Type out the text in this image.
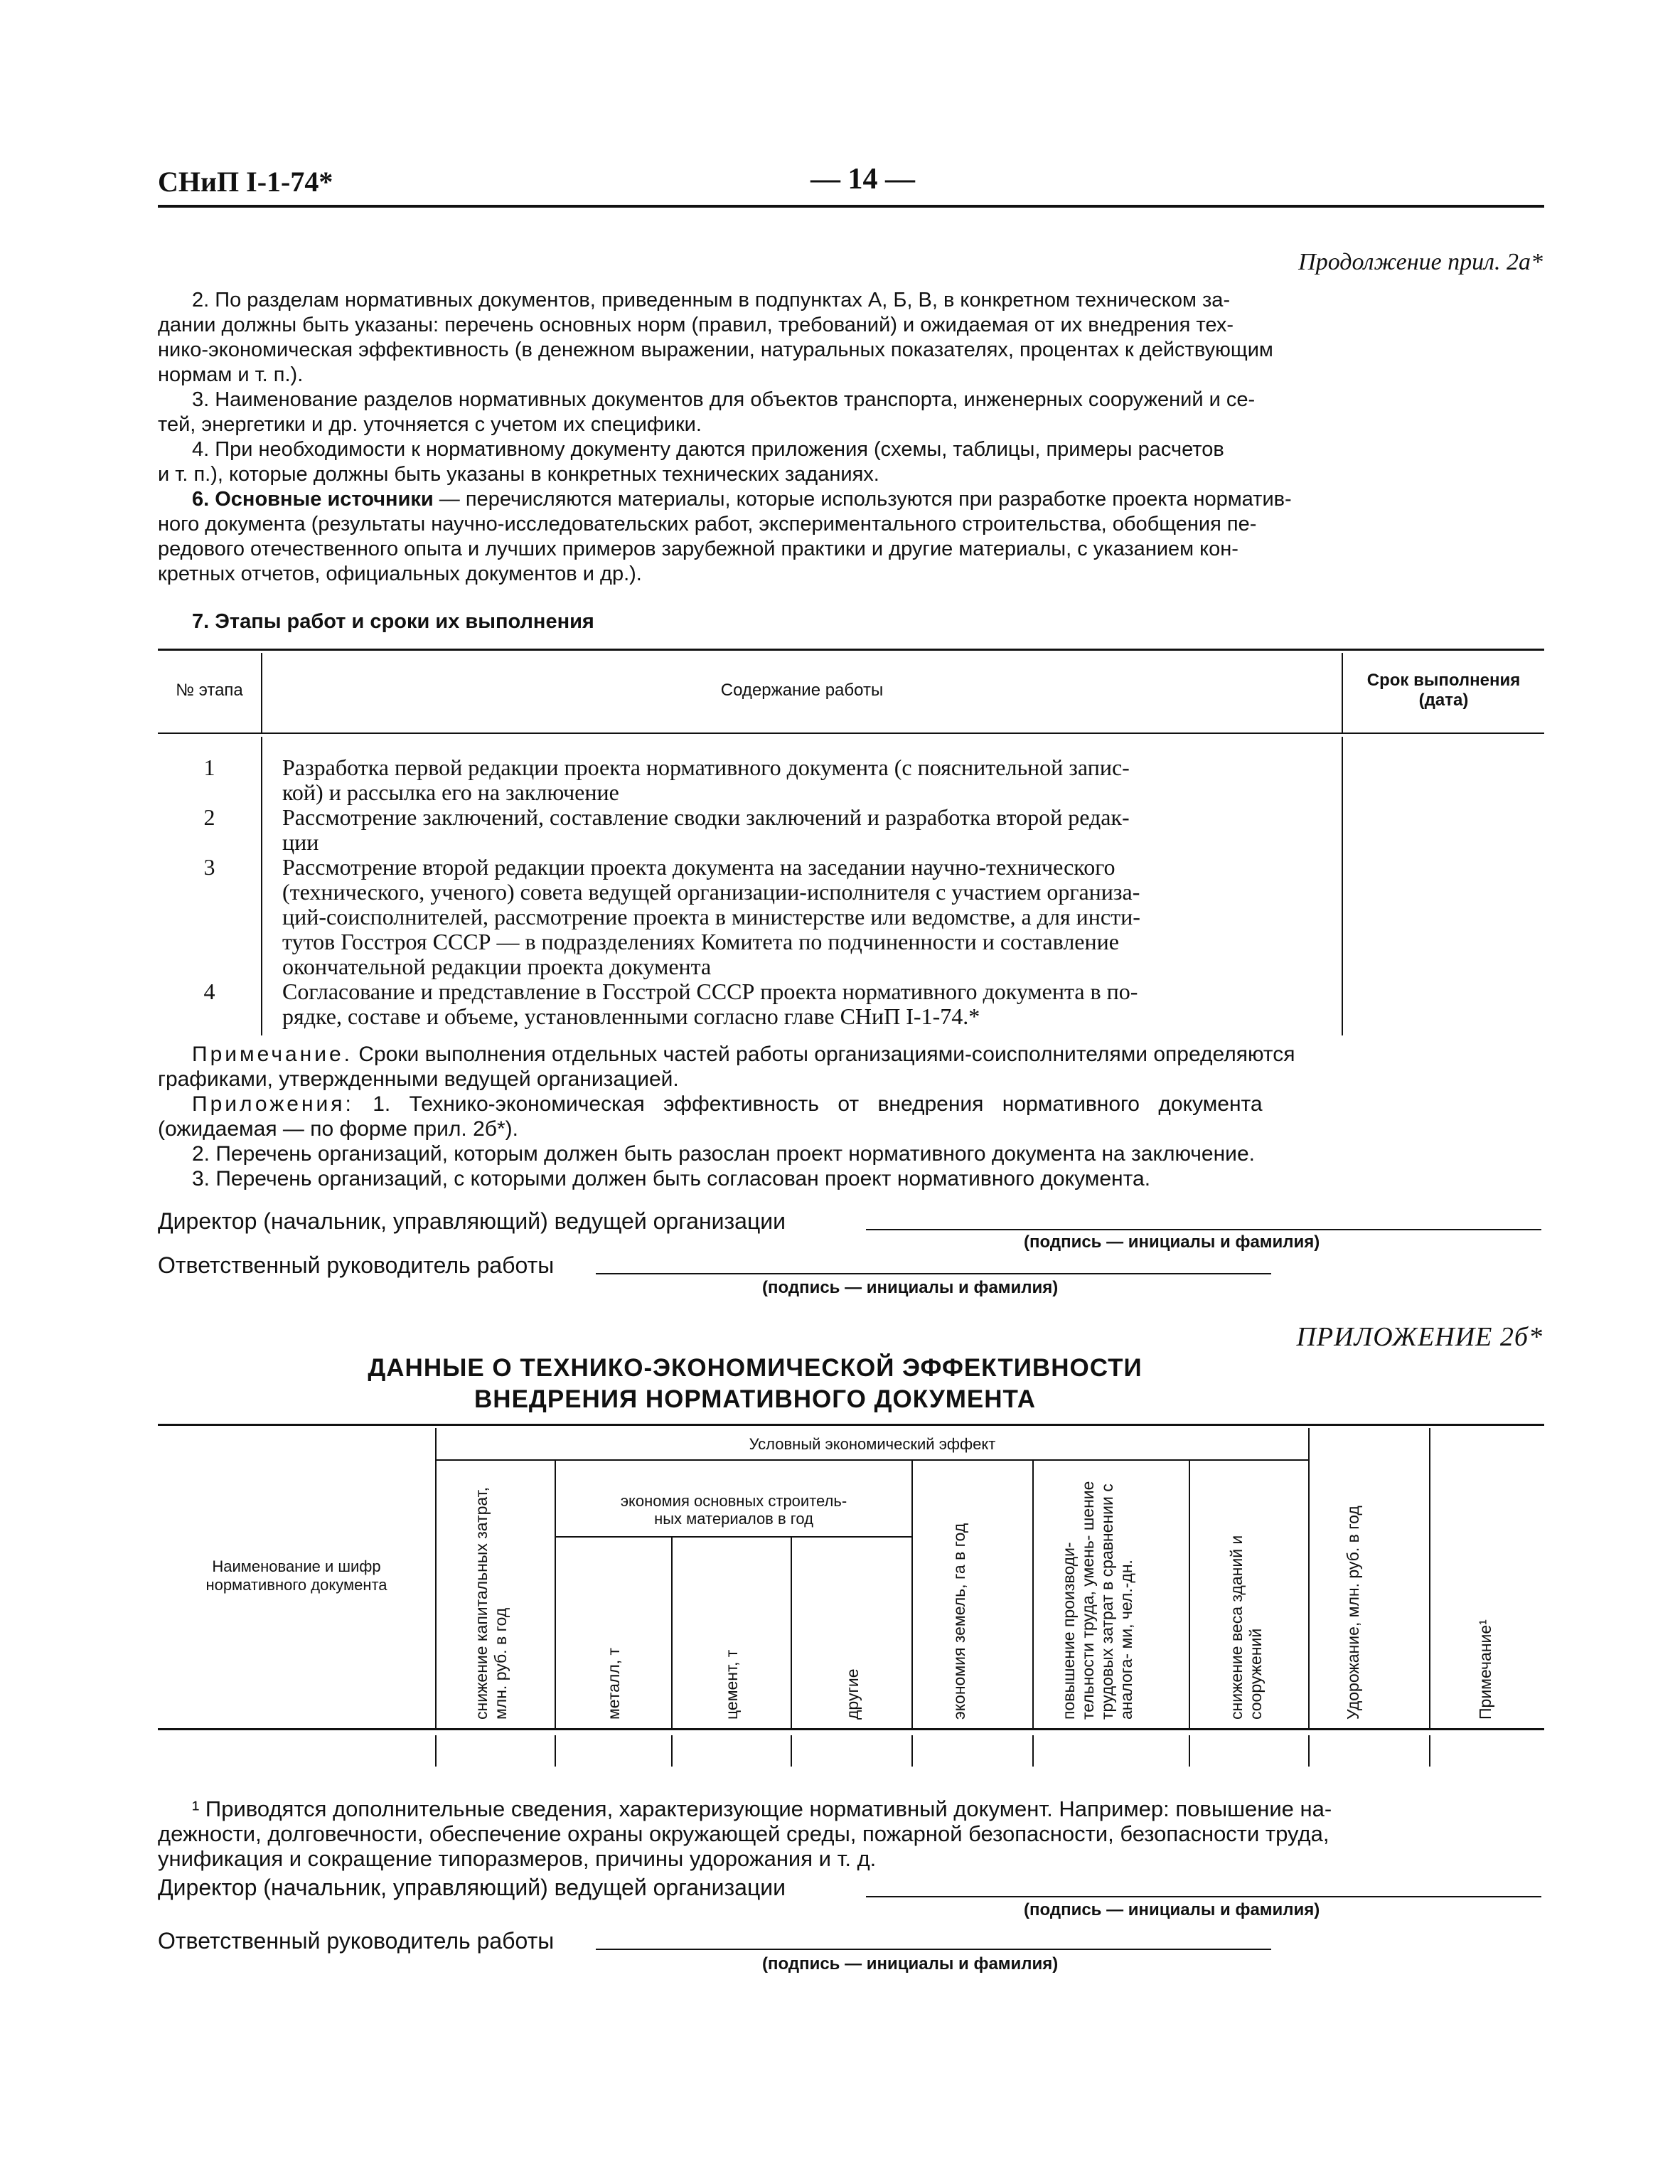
СНиП I-1-74*	— 14 —
Продолжение прил. 2а*
2. По разделам нормативных документов, приведенным в подпунктах А, Б, В, в конкретном техническом за-
дании должны быть указаны: перечень основных норм (правил, требований) и ожидаемая от их внедрения тех-
нико-экономическая эффективность (в денежном выражении, натуральных показателях, процентах к действующим
нормам и т. п.).
3. Наименование разделов нормативных документов для объектов транспорта, инженерных сооружений и се-
тей, энергетики и др. уточняется с учетом их специфики.
4. При необходимости к нормативному документу даются приложения (схемы, таблицы, примеры расчетов
и т. п.), которые должны быть указаны в конкретных технических заданиях.
6. Основные источники — перечисляются материалы, которые используются при разработке проекта норматив-
ного документа (результаты научно-исследовательских работ, экспериментального строительства, обобщения пе-
редового отечественного опыта и лучших примеров зарубежной практики и другие материалы, с указанием кон-
кретных отчетов, официальных документов и др.).
7. Этапы работ и сроки их выполнения
№ этапа	Содержание работы
Срок выполнения
(дата)
1	Разработка первой редакции проекта нормативного документа (с пояснительной запис-
кой) и рассылка его на заключение
2	Рассмотрение заключений, составление сводки заключений и разработка второй редак-
ции
3	Рассмотрение второй редакции проекта документа на заседании научно-технического
(технического, ученого) совета ведущей организации-исполнителя с участием организа-
ций-соисполнителей, рассмотрение проекта в министерстве или ведомстве, а для инсти-
тутов Госстроя СССР — в подразделениях Комитета по подчиненности и составление
окончательной редакции проекта документа
4	Согласование и представление в Госстрой СССР проекта нормативного документа в по-
рядке, составе и объеме, установленными согласно главе СНиП I-1-74.*
Примечание. Сроки выполнения отдельных частей работы организациями-соисполнителями определяются
графиками, утвержденными ведущей организацией.
Приложения: 1. Технико-экономическая эффективность от внедрения нормативного документа
(ожидаемая — по форме прил. 2б*).
2. Перечень организаций, которым должен быть разослан проект нормативного документа на заключение.
3. Перечень организаций, с которыми должен быть согласован проект нормативного документа.
Директор (начальник, управляющий) ведущей организации
(подпись — инициалы и фамилия)
Ответственный руководитель работы
(подпись — инициалы и фамилия)
ПРИЛОЖЕНИЕ 2б*
ДАННЫЕ О ТЕХНИКО-ЭКОНОМИЧЕСКОЙ ЭФФЕКТИВНОСТИ
ВНЕДРЕНИЯ НОРМАТИВНОГО ДОКУМЕНТА
Наименование и шифр
нормативного документа
Условный экономический эффект
экономия основных строитель-
ных материалов в год
снижение капитальных затрат, млн. руб. в год	металл, т	цемент, т	другие	экономия земель, га в год	повышение производи- тельности труда, умень- шение трудовых затрат в сравнении с аналога- ми, чел.-дн.	снижение веса зданий и сооружений	Удорожание, млн. руб. в год	Примечание¹
¹ Приводятся дополнительные сведения, характеризующие нормативный документ. Например: повышение на-
дежности, долговечности, обеспечение охраны окружающей среды, пожарной безопасности, безопасности труда,
унификация и сокращение типоразмеров, причины удорожания и т. д.
Директор (начальник, управляющий) ведущей организации
(подпись — инициалы и фамилия)
Ответственный руководитель работы
(подпись — инициалы и фамилия)
